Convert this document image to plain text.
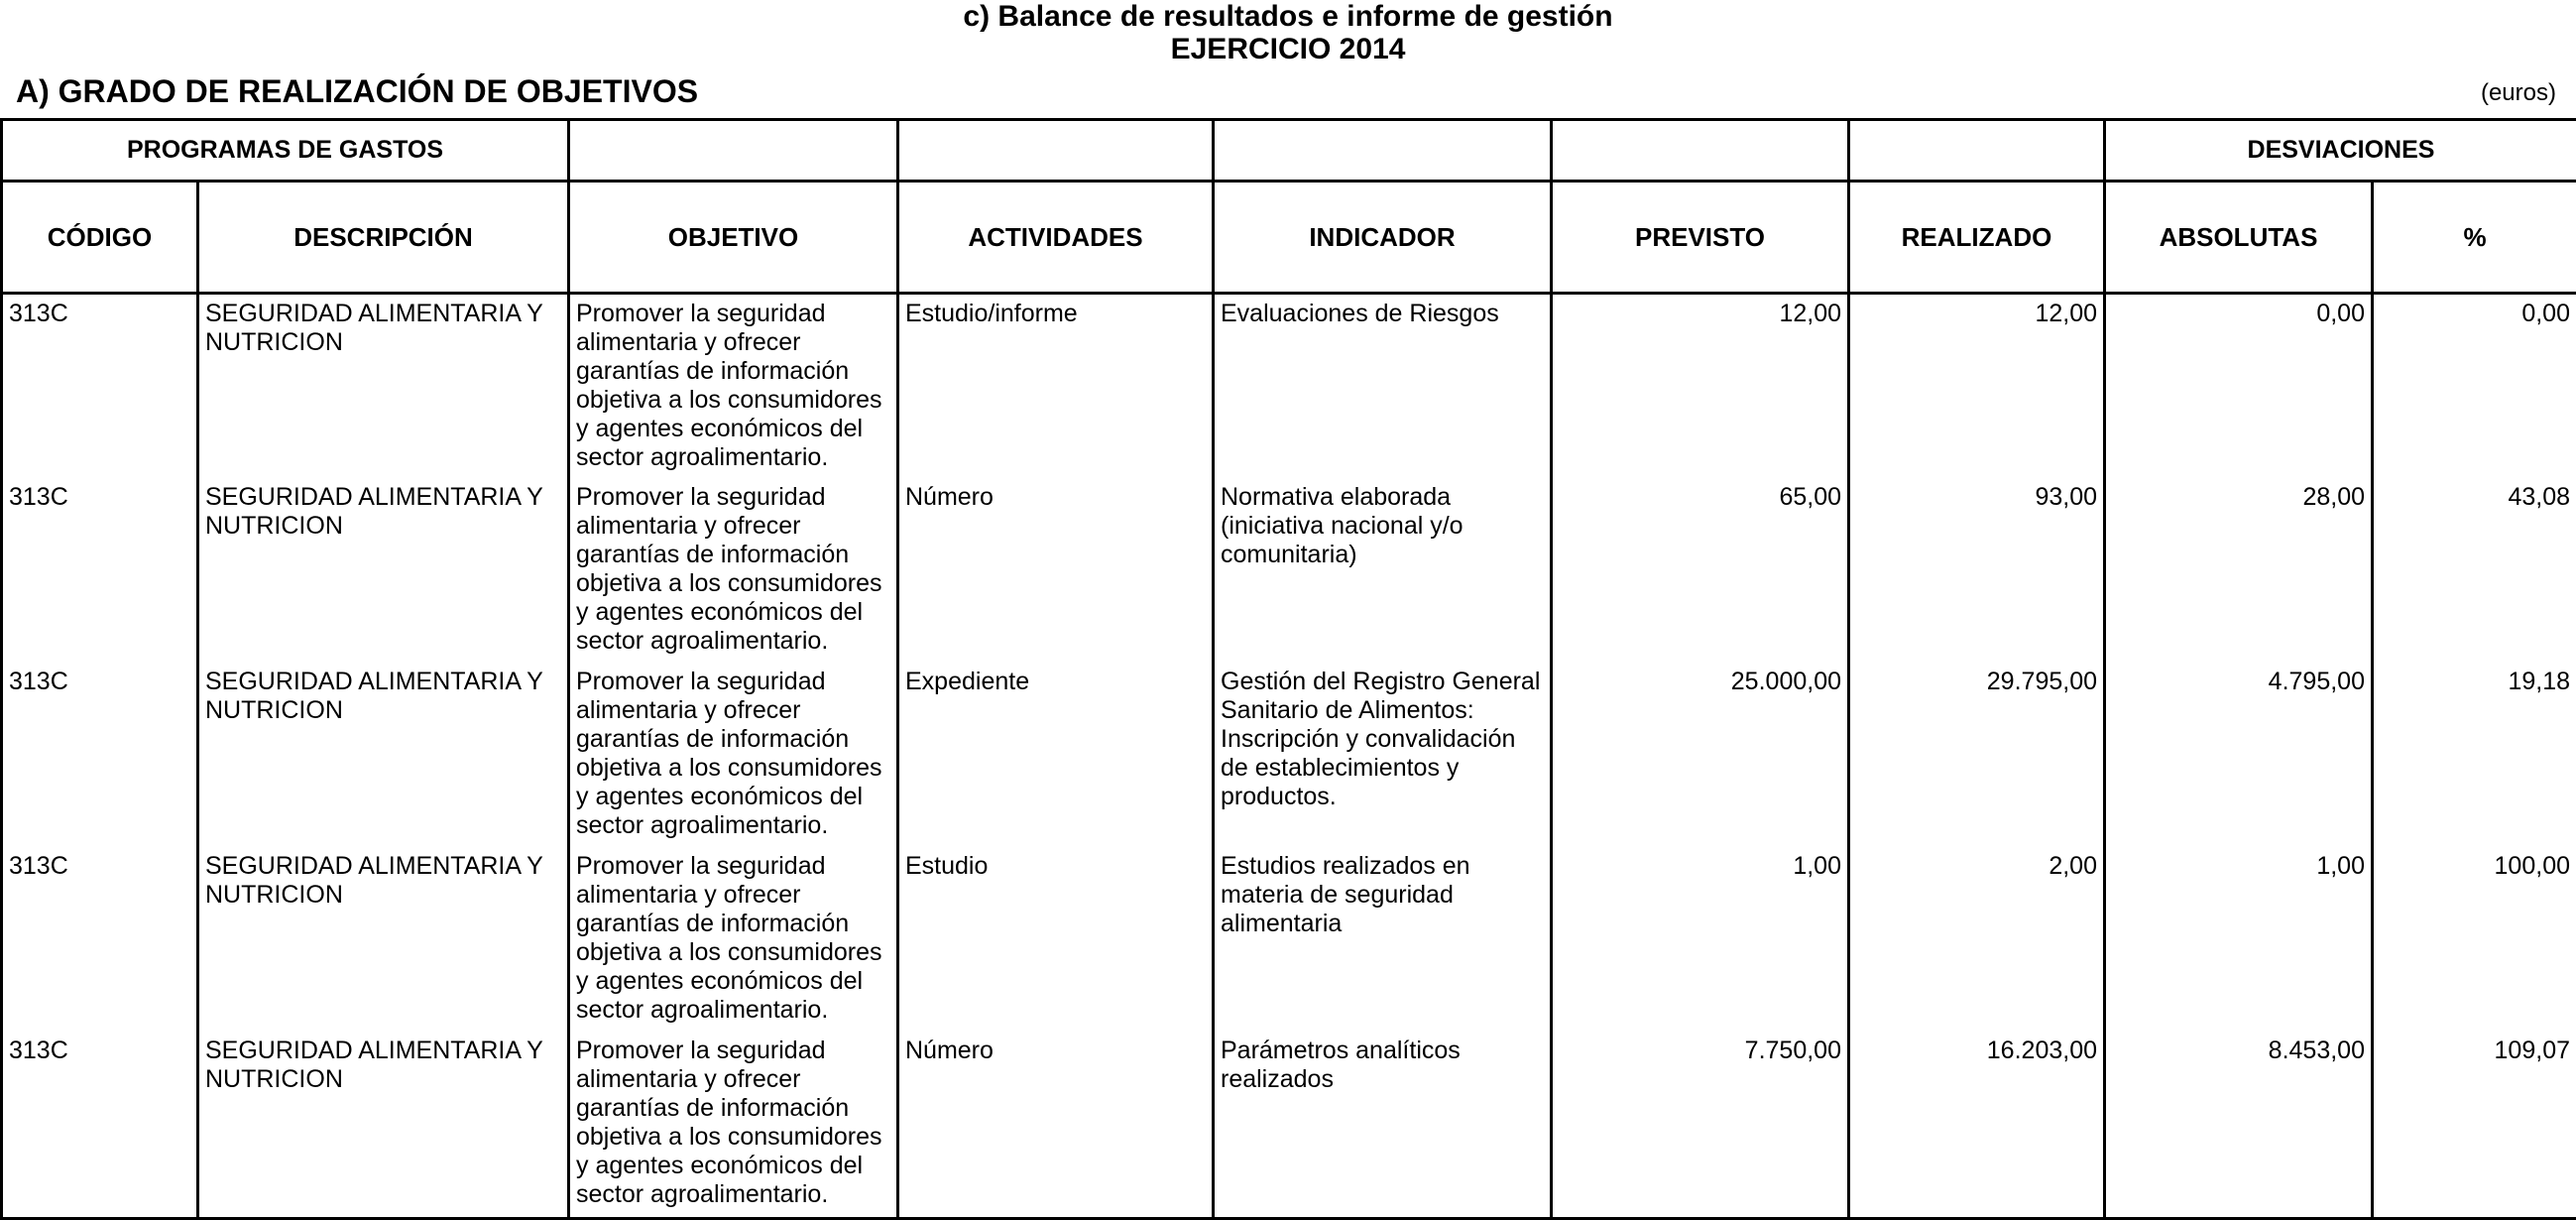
c) Balance de resultados e informe de gestión
EJERCICIO 2014
A) GRADO DE REALIZACIÓN DE OBJETIVOS	(euros)
PROGRAMAS DE GASTOS							DESVIACIONES	
CÓDIGO	DESCRIPCIÓN	OBJETIVO	ACTIVIDADES	INDICADOR	PREVISTO	REALIZADO	ABSOLUTAS	%
313C	SEGURIDAD ALIMENTARIA Y NUTRICION	Promover la seguridad alimentaria y ofrecer garantías de información objetiva a los consumidores y agentes económicos del sector agroalimentario.	Estudio/informe	Evaluaciones de Riesgos	12,00	12,00	0,00	0,00
313C	SEGURIDAD ALIMENTARIA Y NUTRICION	Promover la seguridad alimentaria y ofrecer garantías de información objetiva a los consumidores y agentes económicos del sector agroalimentario.	Número	Normativa elaborada (iniciativa nacional y/o comunitaria)	65,00	93,00	28,00	43,08
313C	SEGURIDAD ALIMENTARIA Y NUTRICION	Promover la seguridad alimentaria y ofrecer garantías de información objetiva a los consumidores y agentes económicos del sector agroalimentario.	Expediente	Gestión del Registro General Sanitario de Alimentos: Inscripción y convalidación de establecimientos y productos.	25.000,00	29.795,00	4.795,00	19,18
313C	SEGURIDAD ALIMENTARIA Y NUTRICION	Promover la seguridad alimentaria y ofrecer garantías de información objetiva a los consumidores y agentes económicos del sector agroalimentario.	Estudio	Estudios realizados en materia de seguridad alimentaria	1,00	2,00	1,00	100,00
313C	SEGURIDAD ALIMENTARIA Y NUTRICION	Promover la seguridad alimentaria y ofrecer garantías de información objetiva a los consumidores y agentes económicos del sector agroalimentario.	Número	Parámetros analíticos realizados	7.750,00	16.203,00	8.453,00	109,07
